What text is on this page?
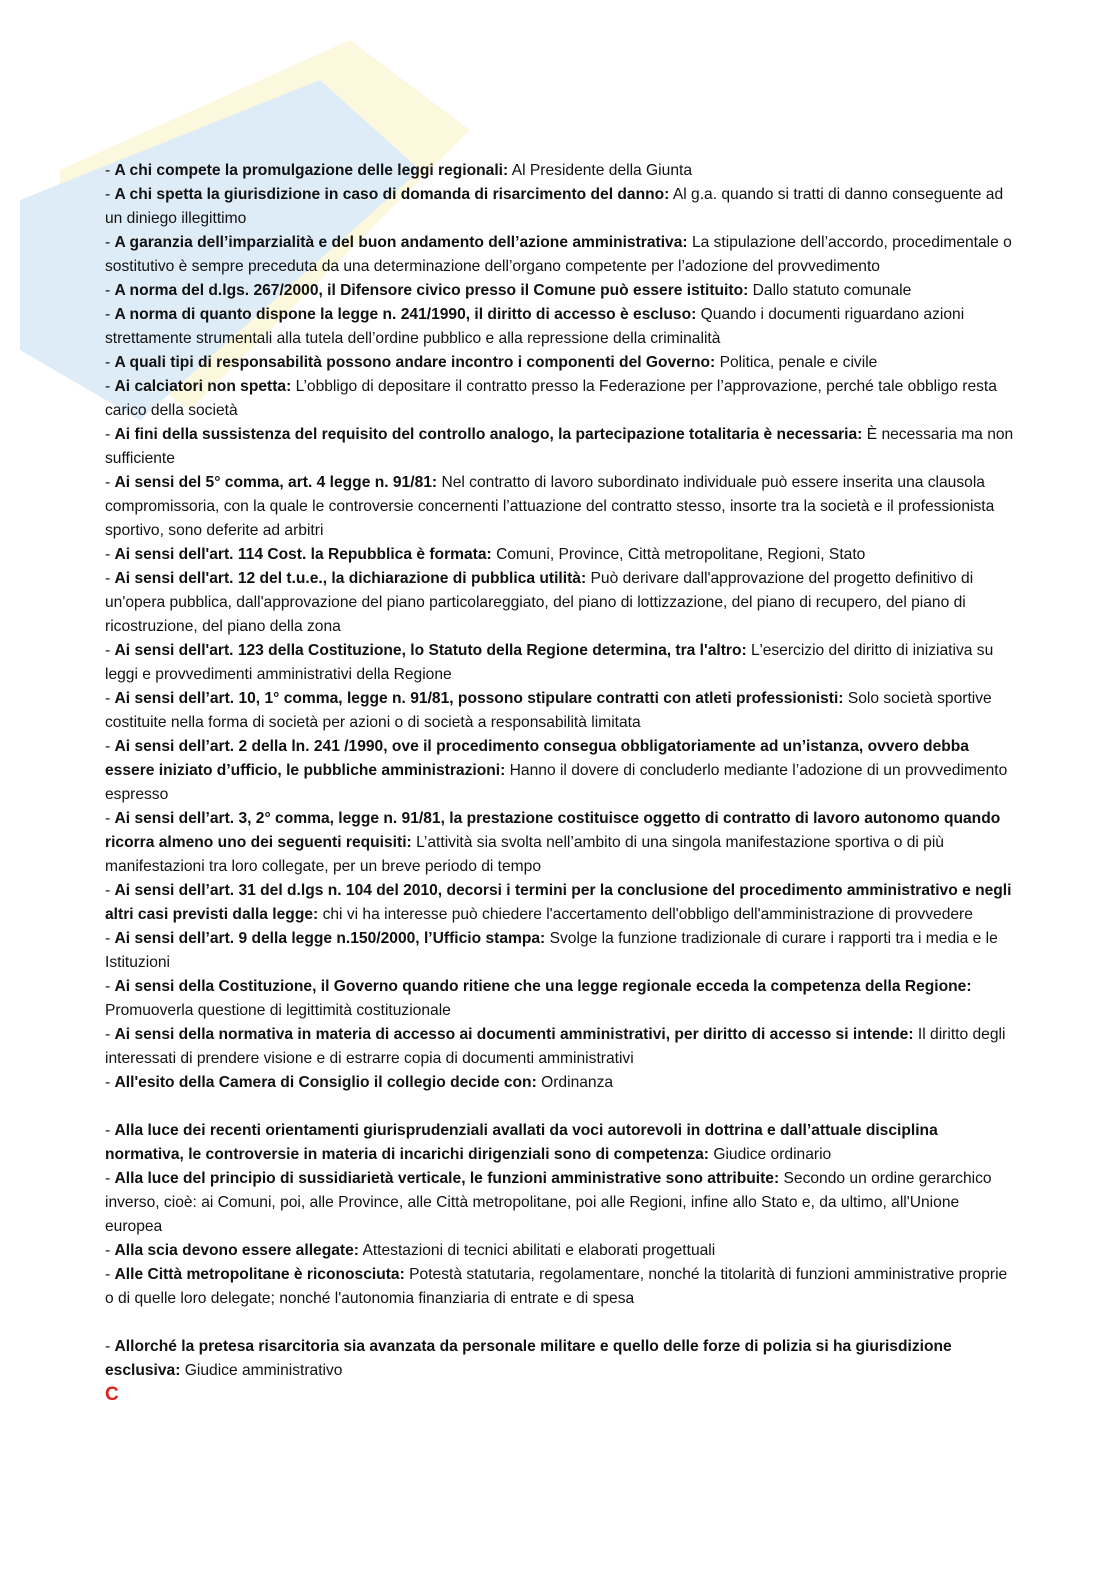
- A chi compete la promulgazione delle leggi regionali: Al Presidente della Giunta

- A chi spetta la giurisdizione in caso di domanda di risarcimento del danno: Al g.a. quando si tratti di danno conseguente ad un diniego illegittimo

- A garanzia dell’imparzialità e del buon andamento dell’azione amministrativa: La stipulazione dell’accordo, procedimentale o sostitutivo è sempre preceduta da una determinazione dell’organo competente per l’adozione del provvedimento

- A norma del d.lgs. 267/2000, il Difensore civico presso il Comune può essere istituito: Dallo statuto comunale

- A norma di quanto dispone la legge n. 241/1990, il diritto di accesso è escluso: Quando i documenti riguardano azioni strettamente strumentali alla tutela dell’ordine pubblico e alla repressione della criminalità

- A quali tipi di responsabilità possono andare incontro i componenti del Governo: Politica, penale e civile

- Ai calciatori non spetta: L’obbligo di depositare il contratto presso la Federazione per l’approvazione, perché tale obbligo resta carico della società

- Ai fini della sussistenza del requisito del controllo analogo, la partecipazione totalitaria è necessaria: È necessaria ma non sufficiente

- Ai sensi del 5° comma, art. 4 legge n. 91/81: Nel contratto di lavoro subordinato individuale può essere inserita una clausola compromissoria, con la quale le controversie concernenti l’attuazione del contratto stesso, insorte tra la società e il professionista sportivo, sono deferite ad arbitri

- Ai sensi dell'art. 114 Cost. la Repubblica è formata: Comuni, Province, Città metropolitane, Regioni, Stato

- Ai sensi dell'art. 12 del t.u.e., la dichiarazione di pubblica utilità: Può derivare dall'approvazione del progetto definitivo di un'opera pubblica, dall'approvazione del piano particolareggiato, del piano di lottizzazione, del piano di recupero, del piano di ricostruzione, del piano della zona

- Ai sensi dell'art. 123 della Costituzione, lo Statuto della Regione determina, tra l'altro: L'esercizio del diritto di iniziativa su leggi e provvedimenti amministrativi della Regione

- Ai sensi dell’art. 10, 1° comma, legge n. 91/81, possono stipulare contratti con atleti professionisti: Solo società sportive costituite nella forma di società per azioni o di società a responsabilità limitata

- Ai sensi dell’art. 2 della ln. 241 /1990, ove il procedimento consegua obbligatoriamente ad un’istanza, ovvero debba essere iniziato d’ufficio, le pubbliche amministrazioni: Hanno il dovere di concluderlo mediante l’adozione di un provvedimento espresso

- Ai sensi dell’art. 3, 2° comma, legge n. 91/81, la prestazione costituisce oggetto di contratto di lavoro autonomo quando ricorra almeno uno dei seguenti requisiti: L’attività sia svolta nell’ambito di una singola manifestazione sportiva o di più manifestazioni tra loro collegate, per un breve periodo di tempo

- Ai sensi dell’art. 31 del d.lgs n. 104 del 2010, decorsi i termini per la conclusione del procedimento amministrativo e negli altri casi previsti dalla legge: chi vi ha interesse può chiedere l'accertamento dell'obbligo dell'amministrazione di provvedere

- Ai sensi dell’art. 9 della legge n.150/2000, l’Ufficio stampa: Svolge la funzione tradizionale di curare i rapporti tra i media e le Istituzioni

- Ai sensi della Costituzione, il Governo quando ritiene che una legge regionale ecceda la competenza della Regione: Promuoverla questione di legittimità costituzionale

- Ai sensi della normativa in materia di accesso ai documenti amministrativi, per diritto di accesso si intende: Il diritto degli interessati di prendere visione e di estrarre copia di documenti amministrativi

- All'esito della Camera di Consiglio il collegio decide con: Ordinanza

- Alla luce dei recenti orientamenti giurisprudenziali avallati da voci autorevoli in dottrina e dall’attuale disciplina normativa, le controversie in materia di incarichi dirigenziali sono di competenza: Giudice ordinario

- Alla luce del principio di sussidiarietà verticale, le funzioni amministrative sono attribuite: Secondo un ordine gerarchico inverso, cioè: ai Comuni, poi, alle Province, alle Città metropolitane, poi alle Regioni, infine allo Stato e, da ultimo, all'Unione europea

- Alla scia devono essere allegate: Attestazioni di tecnici abilitati e elaborati progettuali

- Alle Città metropolitane è riconosciuta: Potestà statutaria, regolamentare, nonché la titolarità di funzioni amministrative proprie o di quelle loro delegate; nonché l'autonomia finanziaria di entrate e di spesa

- Allorché la pretesa risarcitoria sia avanzata da personale militare e quello delle forze di polizia si ha giurisdizione esclusiva: Giudice amministrativo

C
